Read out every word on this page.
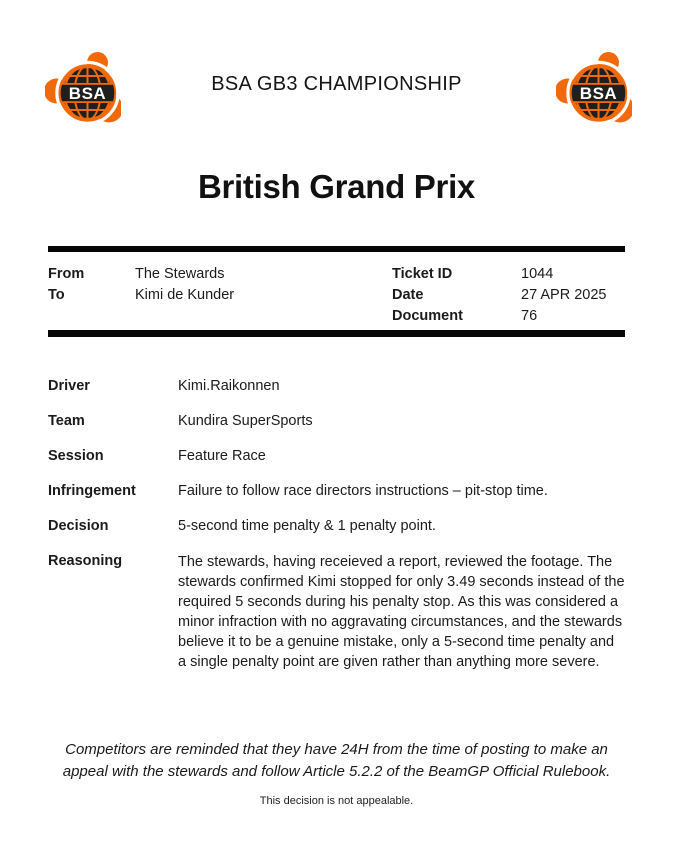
BSA	BSA
BSA GB3 CHAMPIONSHIP
British Grand Prix
From	The Stewards
To	Kimi de Kunder
Ticket ID	1044
Date	27 APR 2025
Document	76
Driver	Kimi.Raikonnen
Team	Kundira SuperSports
Session	Feature Race
Infringement	Failure to follow race directors instructions – pit-stop time.
Decision	5-second time penalty & 1 penalty point.
Reasoning	The stewards, having receieved a report, reviewed the footage. The stewards confirmed Kimi stopped for only 3.49 seconds instead of the required 5 seconds during his penalty stop. As this was considered a minor infraction with no aggravating circumstances, and the stewards believe it to be a genuine mistake, only a 5-second time penalty and a single penalty point are given rather than anything more severe.
Competitors are reminded that they have 24H from the time of posting to make an appeal with the stewards and follow Article 5.2.2 of the BeamGP Official Rulebook.
This decision is not appealable.
